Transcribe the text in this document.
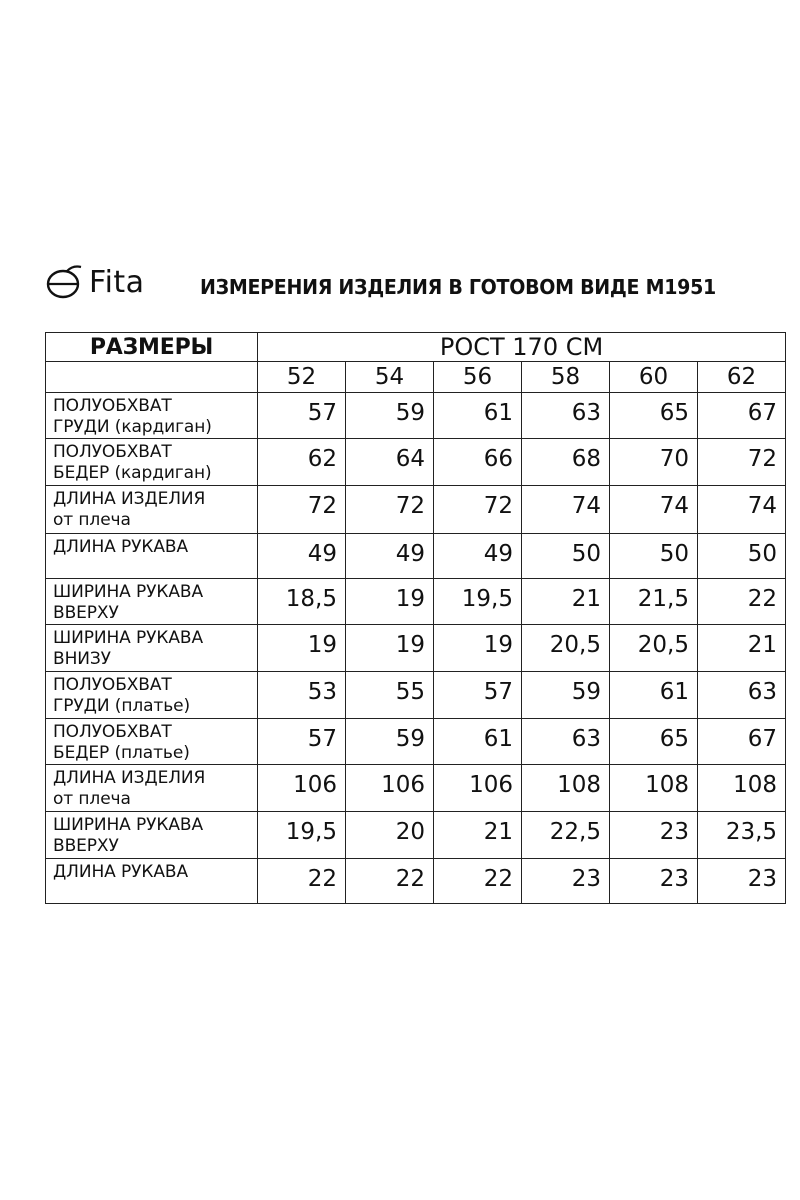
Fita	ИЗМЕРЕНИЯ ИЗДЕЛИЯ В ГОТОВОМ ВИДЕ М1951
РАЗМЕРЫ	РОСТ 170 СМ					
	52	54	56	58	60	62

ПОЛУОБХВАТ
ГРУДИ (кардиган)	57	59	61	63	65	67

ПОЛУОБХВАТ
БЕДЕР (кардиган)	62	64	66	68	70	72

ДЛИНА ИЗДЕЛИЯ
от плеча	72	72	72	74	74	74

ДЛИНА РУКАВА	49	49	49	50	50	50

ШИРИНА РУКАВА
ВВЕРХУ	18,5	19	19,5	21	21,5	22

ШИРИНА РУКАВА
ВНИЗУ	19	19	19	20,5	20,5	21

ПОЛУОБХВАТ
ГРУДИ (платье)	53	55	57	59	61	63

ПОЛУОБХВАТ
БЕДЕР (платье)	57	59	61	63	65	67

ДЛИНА ИЗДЕЛИЯ
от плеча	106	106	106	108	108	108

ШИРИНА РУКАВА
ВВЕРХУ	19,5	20	21	22,5	23	23,5

ДЛИНА РУКАВА	22	22	22	23	23	23
